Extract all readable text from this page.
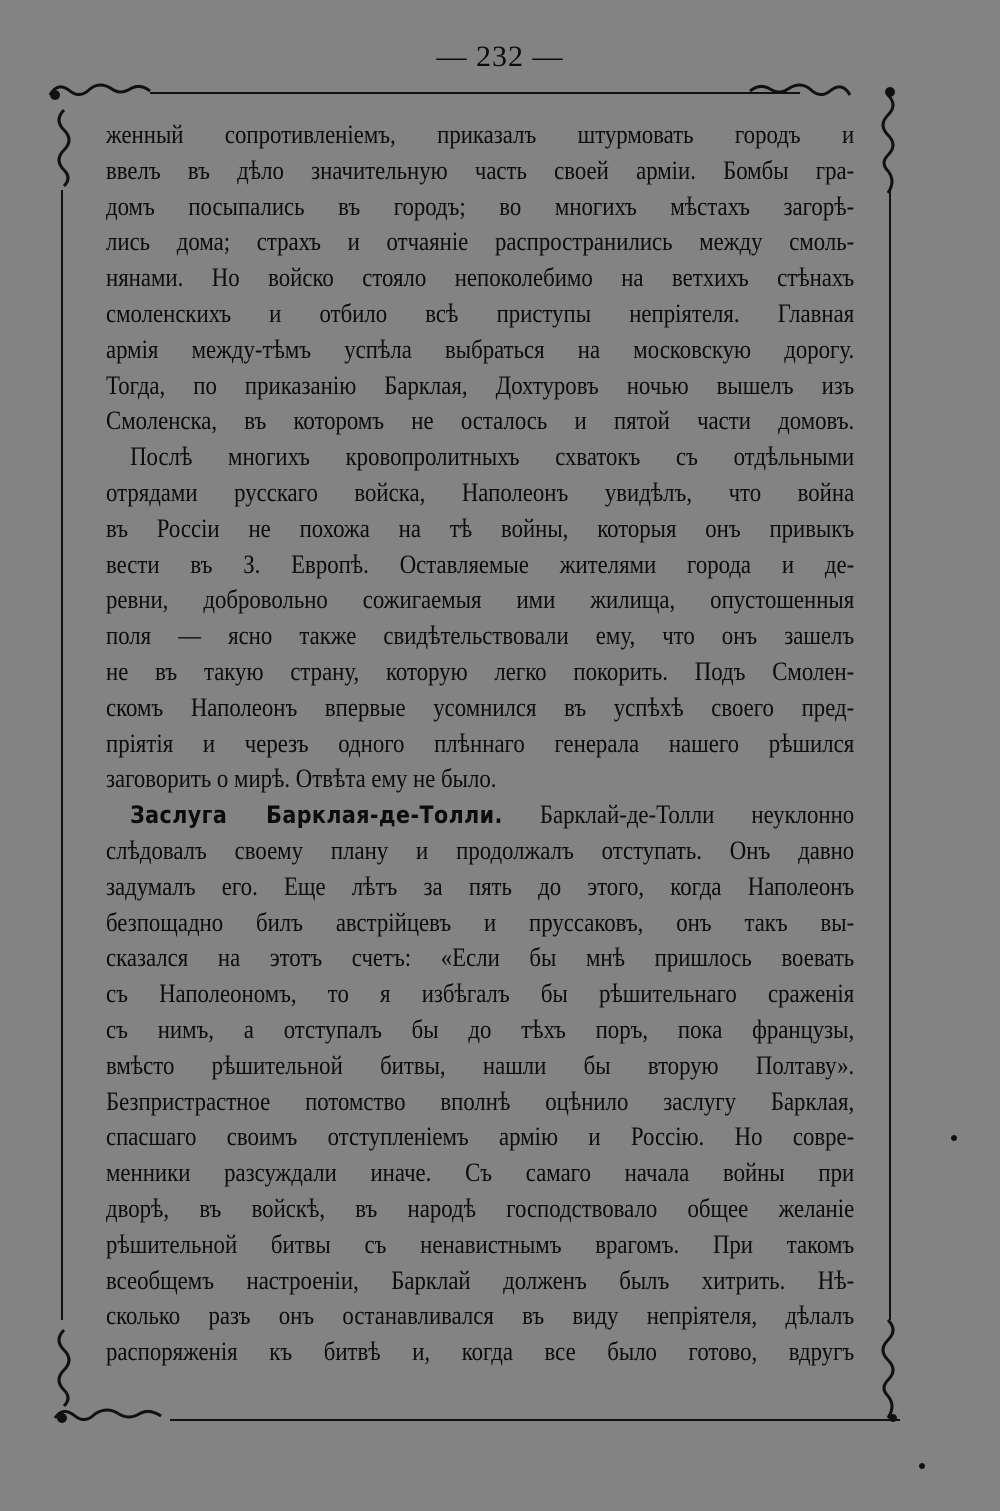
— 232 —
женный сопротивленіемъ, приказалъ штурмовать городъ и
ввелъ въ дѣло значительную часть своей арміи. Бомбы гра-
домъ посыпались въ городъ; во многихъ мѣстахъ загорѣ-
лись дома; страхъ и отчаяніе распространились между смоль-
нянами. Но войско стояло непоколебимо на ветхихъ стѣнахъ
смоленскихъ и отбило всѣ приступы непріятеля. Главная
армія между-тѣмъ успѣла выбраться на московскую дорогу.
Тогда, по приказанію Барклая, Дохтуровъ ночью вышелъ изъ
Смоленска, въ которомъ не осталось и пятой части домовъ.
Послѣ многихъ кровопролитныхъ схватокъ съ отдѣльными
отрядами русскаго войска, Наполеонъ увидѣлъ, что война
въ Россіи не похожа на тѣ войны, которыя онъ привыкъ
вести въ З. Европѣ. Оставляемые жителями города и де-
ревни, добровольно сожигаемыя ими жилища, опустошенныя
поля — ясно также свидѣтельствовали ему, что онъ зашелъ
не въ такую страну, которую легко покорить. Подъ Смолен-
скомъ Наполеонъ впервые усомнился въ успѣхѣ своего пред-
пріятія и черезъ одного плѣннаго генерала нашего рѣшился
заговорить о мирѣ. Отвѣта ему не было.
Заслуга Барклая-де-Толли. Барклай-де-Толли неуклонно
слѣдовалъ своему плану и продолжалъ отступать. Онъ давно
задумалъ его. Еще лѣтъ за пять до этого, когда Наполеонъ
безпощадно билъ австрійцевъ и пруссаковъ, онъ такъ вы-
сказался на этотъ счетъ: «Если бы мнѣ пришлось воевать
съ Наполеономъ, то я избѣгалъ бы рѣшительнаго сраженія
съ нимъ, а отступалъ бы до тѣхъ поръ, пока французы,
вмѣсто рѣшительной битвы, нашли бы вторую Полтаву».
Безпристрастное потомство вполнѣ оцѣнило заслугу Барклая,
спасшаго своимъ отступленіемъ армію и Россію. Но совре-
менники разсуждали иначе. Съ самаго начала войны при
дворѣ, въ войскѣ, въ народѣ господствовало общее желаніе
рѣшительной битвы съ ненавистнымъ врагомъ. При такомъ
всеобщемъ настроеніи, Барклай долженъ былъ хитрить. Нѣ-
сколько разъ онъ останавливался въ виду непріятеля, дѣлалъ
распоряженія къ битвѣ и, когда все было готово, вдругъ
